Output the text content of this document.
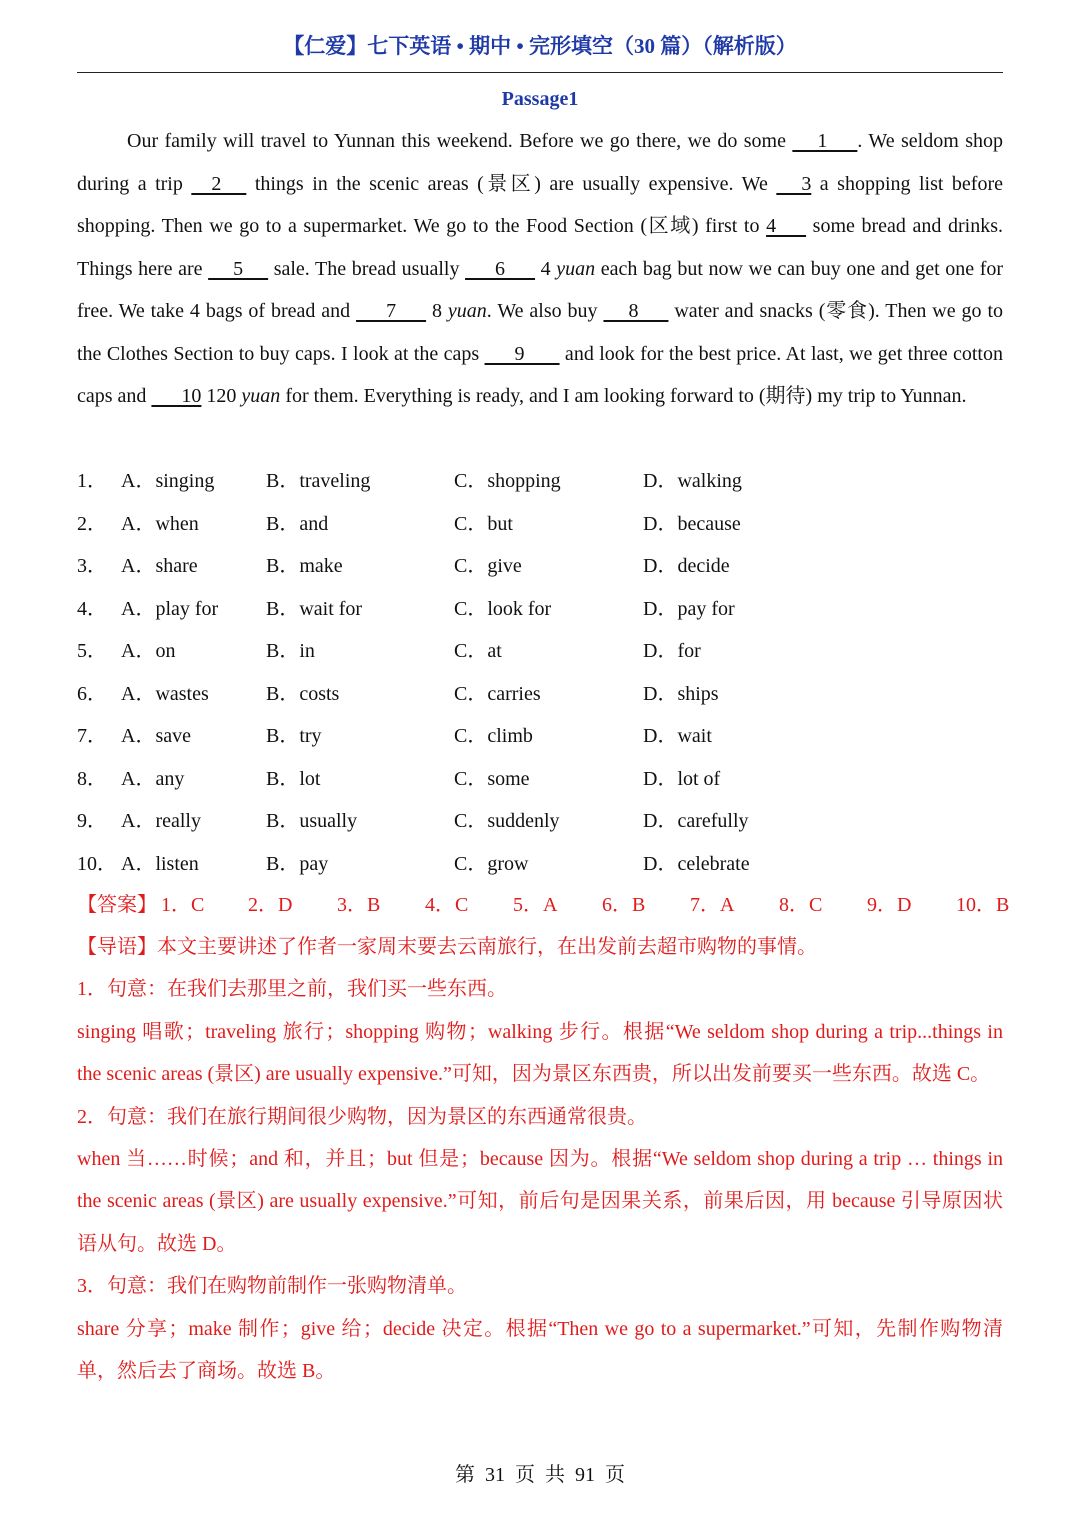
【仁爱】七下英语 • 期中 • 完形填空（30 篇）（解析版）
Passage1
Our family will travel to Yunnan this weekend. Before we go there, we do some      1      . We seldom shop during a trip     2      things in the scenic areas (景区) are usually expensive. We      3 a shopping list before shopping. Then we go to a supermarket. We go to the Food Section (区域) first to 4       some bread and drinks. Things here are      5      sale. The bread usually       6       4 yuan each bag but now we can buy one and get one for free. We take 4 bags of bread and       7       8 yuan. We also buy      8       water and snacks (零食). Then we go to the Clothes Section to buy caps. I look at the caps       9        and look for the best price. At last, we get three cotton caps and       10 120 yuan for them. Everything is ready, and I am looking forward to (期待) my trip to Yunnan.
1． A．singing	B．traveling	C．shopping	D．walking
2． A．when	B．and	C．but	D．because
3． A．share	B．make	C．give	D．decide
4． A．play for B．wait for	C．look for	D．pay for
5． A．on	B．in	C．at	D．for
6． A．wastes	B．costs	C．carries	D．ships
7． A．save	B．try	C．climb	D．wait
8． A．any	B．lot	C．some	D．lot of
9． A．really	B．usually	C．suddenly	D．carefully
10． A．listen	B．pay	C．grow	D．celebrate
【答案】 1．C 2．D 3．B 4．C 5．A 6．B 7．A 8．C 9．D 10．B

【导语】本文主要讲述了作者一家周末要去云南旅行，在出发前去超市购物的事情。

1．句意：在我们去那里之前，我们买一些东西。

singing 唱歌；traveling 旅行；shopping 购物；walking 步行。根据“We seldom shop during a trip...things in the scenic areas (景区) are usually expensive.”可知，因为景区东西贵，所以出发前要买一些东西。故选 C。

2．句意：我们在旅行期间很少购物，因为景区的东西通常很贵。

when 当……时候；and 和，并且；but 但是；because 因为。根据“We seldom shop during a trip … things in the scenic areas (景区) are usually expensive.”可知，前后句是因果关系，前果后因，用 because 引导原因状语从句。故选 D。

3．句意：我们在购物前制作一张购物清单。

share 分享；make 制作；give 给；decide 决定。根据“Then we go to a supermarket.”可知，先制作购物清单，然后去了商场。故选 B。

第 31 页 共 91 页
